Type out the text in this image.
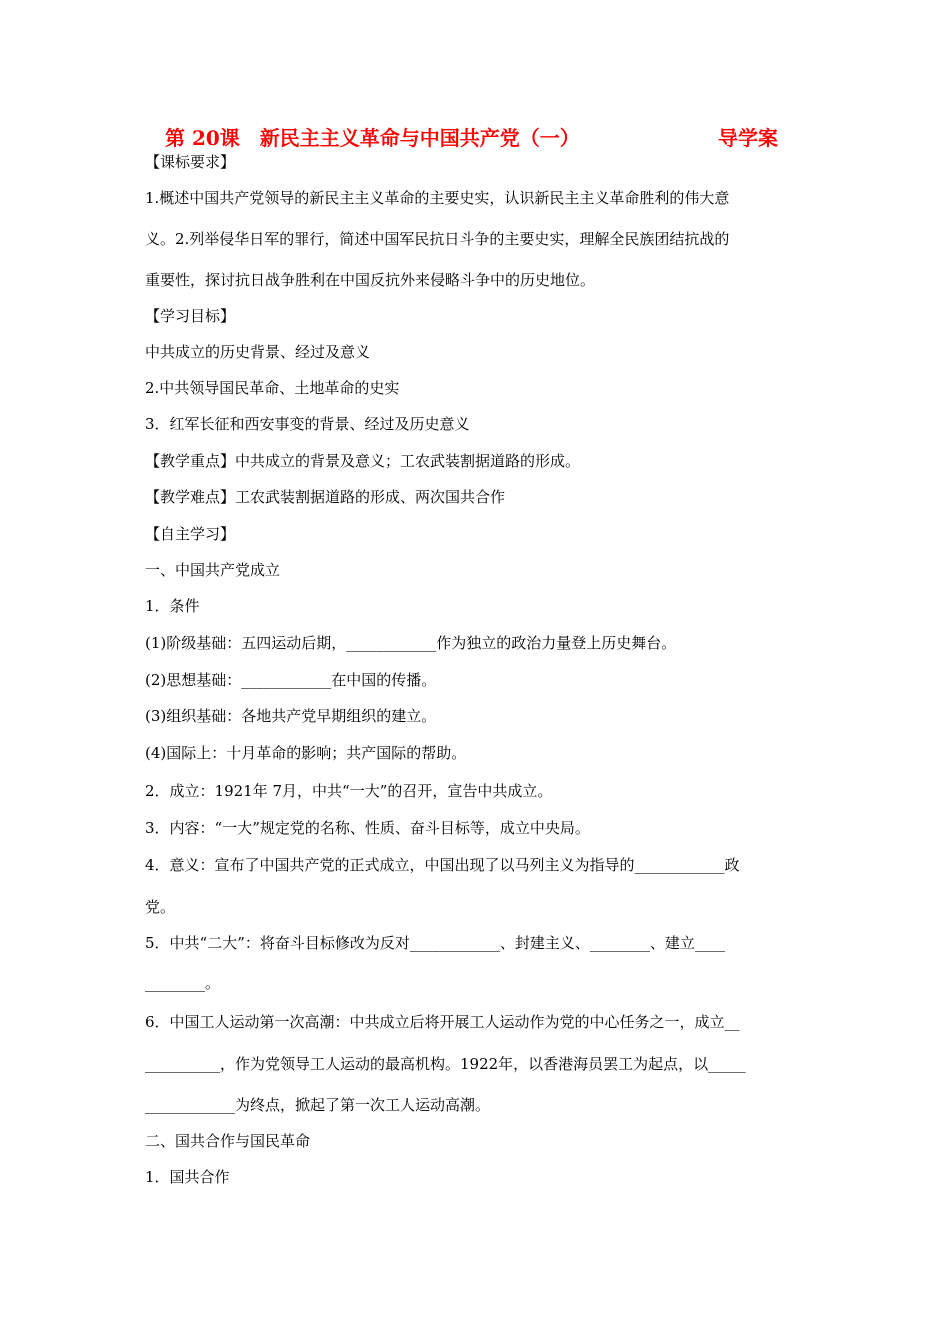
第 20课　新民主主义革命与中国共产党（一）	导学案
【课标要求】
1.概述中国共产党领导的新民主主义革命的主要史实，认识新民主主义革命胜利的伟大意
义。2.列举侵华日军的罪行，简述中国军民抗日斗争的主要史实，理解全民族团结抗战的
重要性，探讨抗日战争胜利在中国反抗外来侵略斗争中的历史地位。
【学习目标】
中共成立的历史背景、经过及意义
2.中共领导国民革命、土地革命的史实
3．红军长征和西安事变的背景、经过及历史意义
【教学重点】中共成立的背景及意义；工农武装割据道路的形成。
【教学难点】工农武装割据道路的形成、两次国共合作
【自主学习】
一、中国共产党成立
1．条件
(1)阶级基础：五四运动后期，____________作为独立的政治力量登上历史舞台。
(2)思想基础：____________在中国的传播。
(3)组织基础：各地共产党早期组织的建立。
(4)国际上：十月革命的影响；共产国际的帮助。
2．成立：1921年 7月，中共“一大”的召开，宣告中共成立。
3．内容：“一大”规定党的名称、性质、奋斗目标等，成立中央局。
4．意义：宣布了中国共产党的正式成立，中国出现了以马列主义为指导的____________政
党。
5．中共“二大”：将奋斗目标修改为反对____________、封建主义、________、建立____
________。
6．中国工人运动第一次高潮：中共成立后将开展工人运动作为党的中心任务之一，成立__
__________，作为党领导工人运动的最高机构。1922年，以香港海员罢工为起点，以_____
____________为终点，掀起了第一次工人运动高潮。
二、国共合作与国民革命
1．国共合作
